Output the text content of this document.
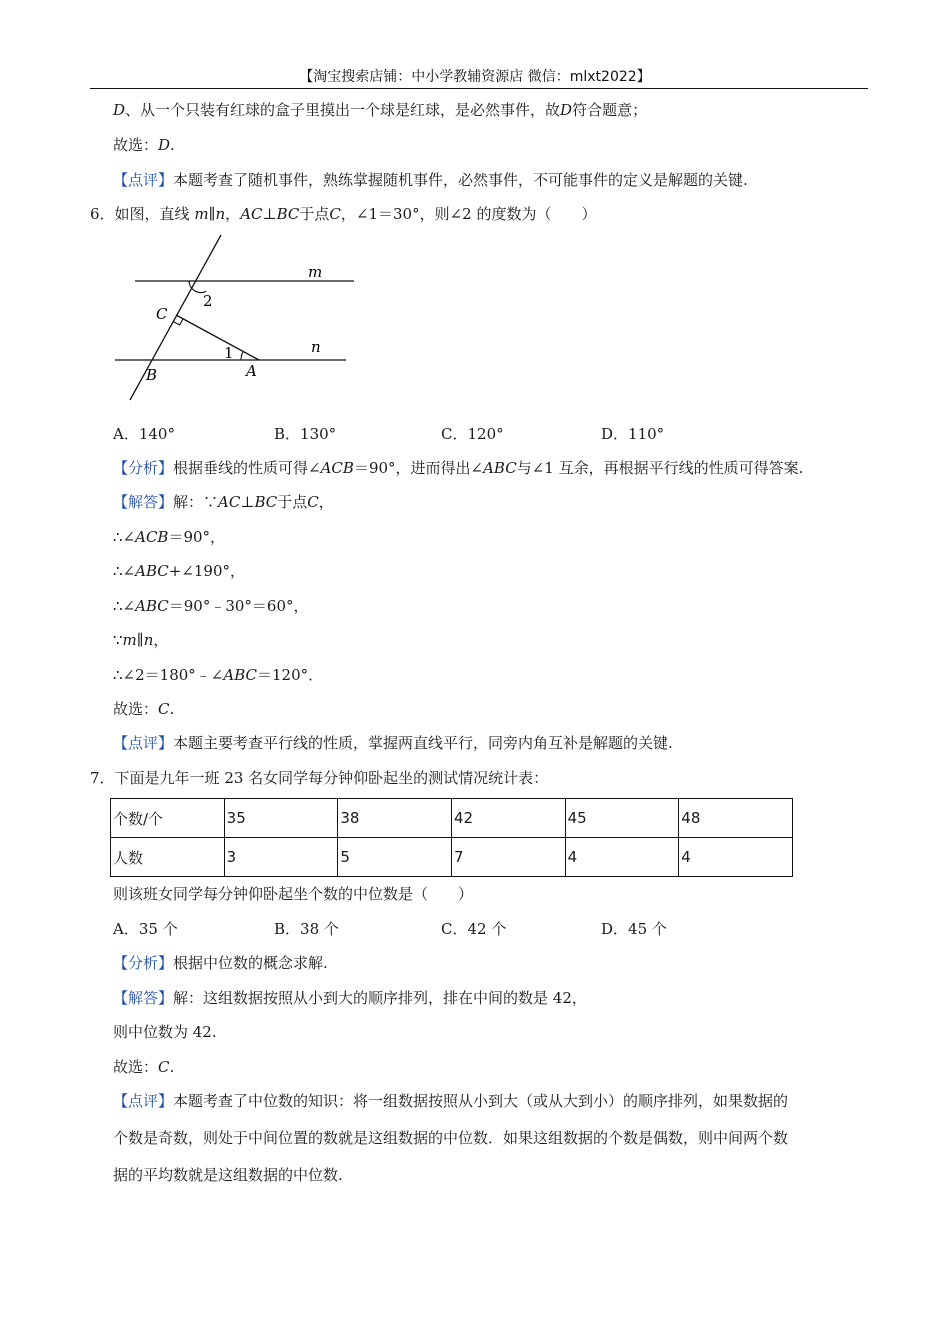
【淘宝搜索店铺：中小学教辅资源店 微信：mlxt2022】
D、从一个只装有红球的盒子里摸出一个球是红球，是必然事件，故D符合题意；
故选：D.
【点评】本题考查了随机事件，熟练掌握随机事件，必然事件，不可能事件的定义是解题的关键.
6．如图，直线 m∥n，AC⊥BC于点C，∠1＝30°，则∠2 的度数为（　　）
m
n
C
B	A
1
2
A．140°	B．130°	C．120°	D．110°
【分析】根据垂线的性质可得∠ACB＝90°，进而得出∠ABC与∠1 互余，再根据平行线的性质可得答案.
【解答】解：∵AC⊥BC于点C，
∴∠ACB＝90°，
∴∠ABC+∠190°，
∴∠ABC＝90°﹣30°＝60°，
∵m∥n，
∴∠2＝180°﹣∠ABC＝120°．
故选：C.
【点评】本题主要考查平行线的性质，掌握两直线平行，同旁内角互补是解题的关键.
7．下面是九年一班 23 名女同学每分钟仰卧起坐的测试情况统计表：
个数/个	35	38	42	45	48
人数	3	5	7	4	4
则该班女同学每分钟仰卧起坐个数的中位数是（　　）
A．35 个	B．38 个	C．42 个	D．45 个
【分析】根据中位数的概念求解.
【解答】解：这组数据按照从小到大的顺序排列，排在中间的数是 42，
则中位数为 42.
故选：C.
【点评】本题考查了中位数的知识：将一组数据按照从小到大（或从大到小）的顺序排列，如果数据的
个数是奇数，则处于中间位置的数就是这组数据的中位数．如果这组数据的个数是偶数，则中间两个数
据的平均数就是这组数据的中位数.
